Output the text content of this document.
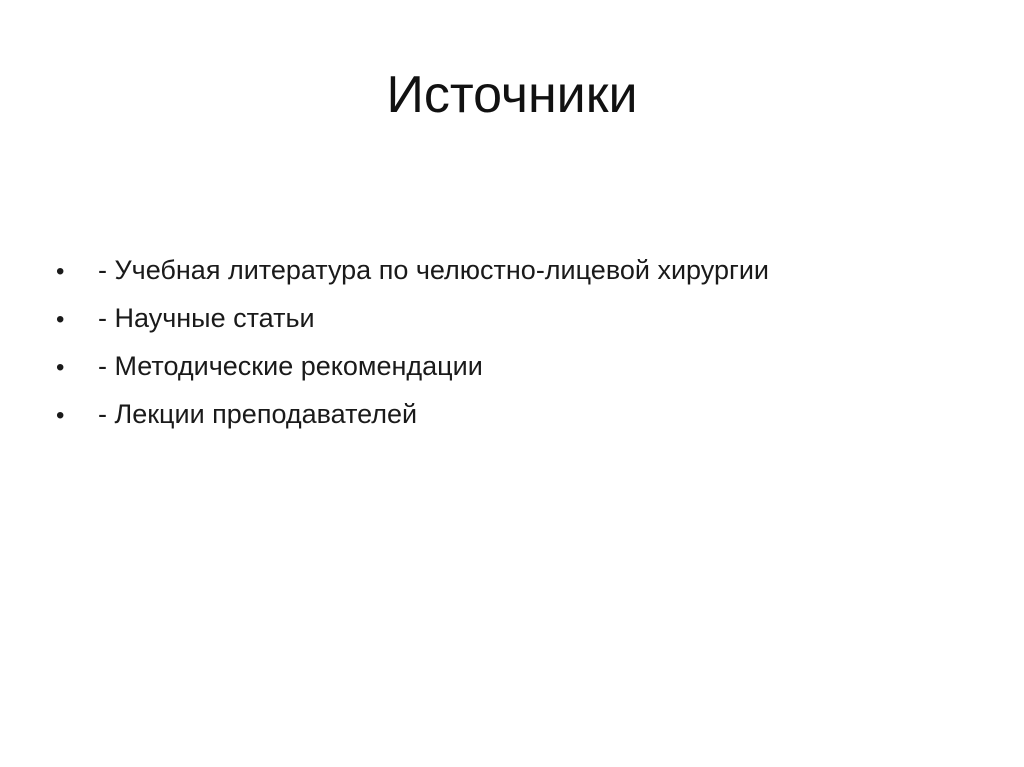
Источники
•	- Учебная литература по челюстно-лицевой хирургии
•	- Научные статьи
•	- Методические рекомендации
•	- Лекции преподавателей
